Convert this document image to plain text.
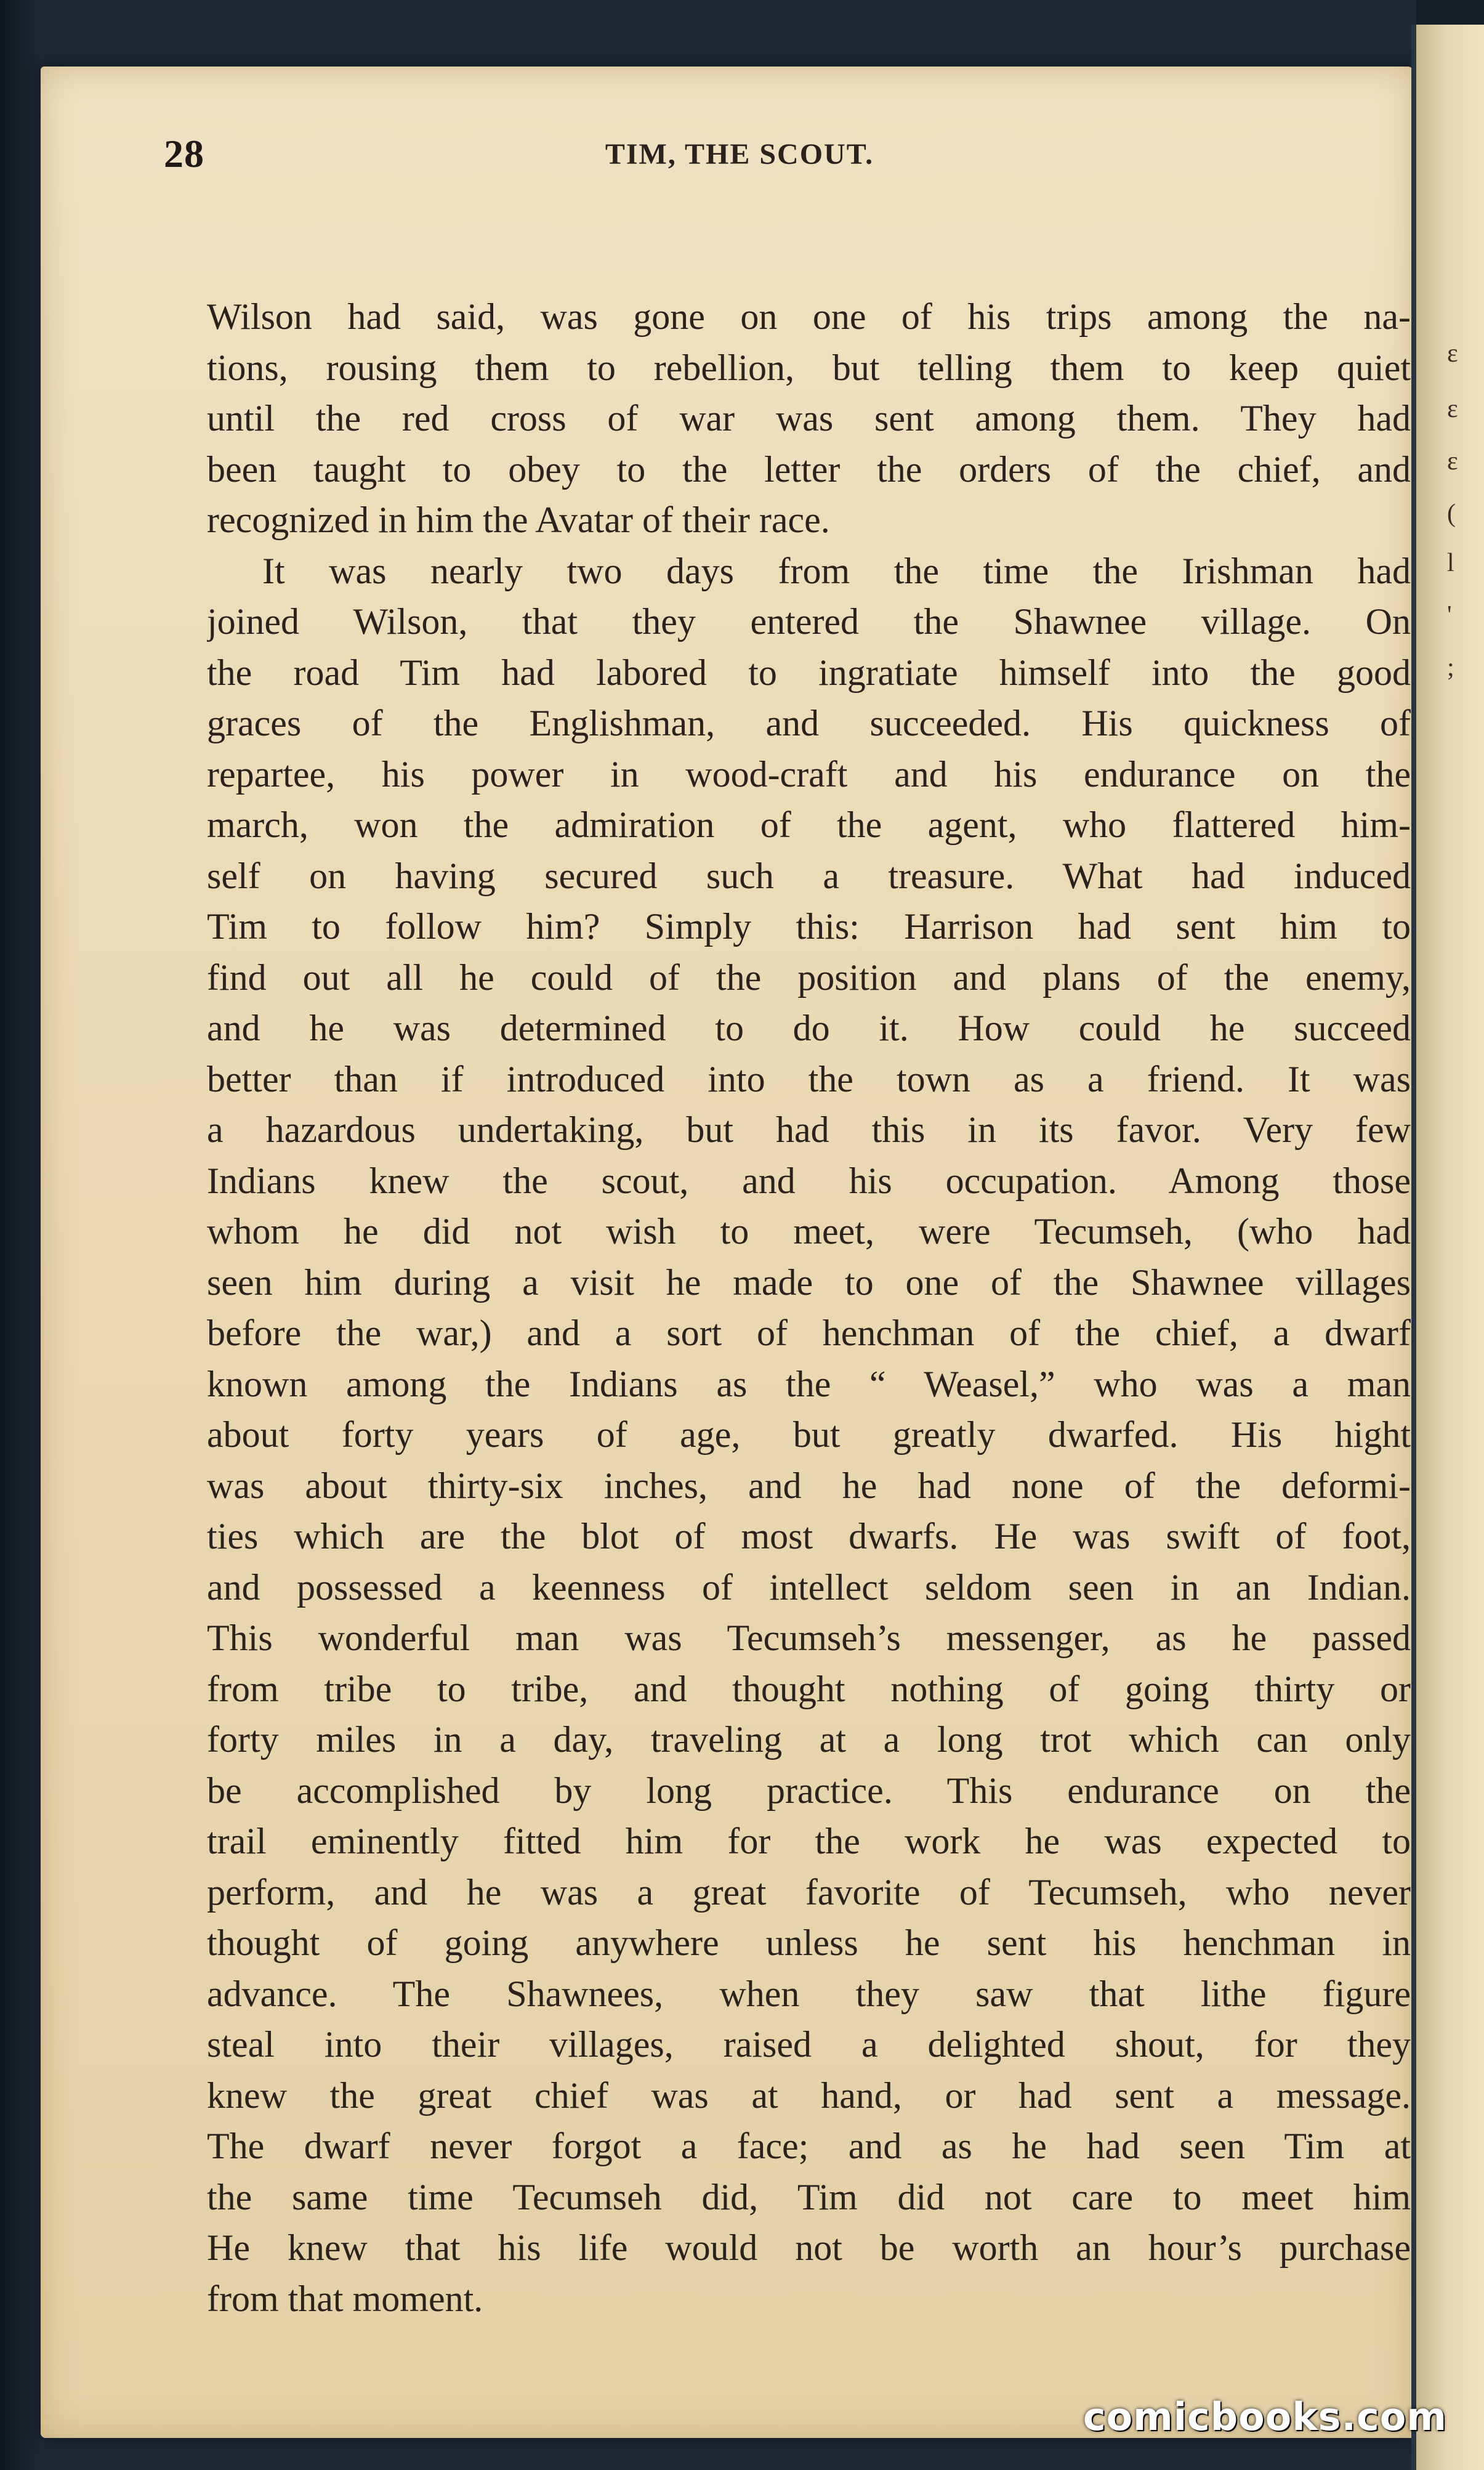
28	TIM, THE SCOUT.
Wilson had said, was gone on one of his trips among the na-
tions, rousing them to rebellion, but telling them to keep quiet
until the red cross of war was sent among them. They had
been taught to obey to the letter the orders of the chief, and
recognized in him the Avatar of their race.
It was nearly two days from the time the Irishman had
joined Wilson, that they entered the Shawnee village. On
the road Tim had labored to ingratiate himself into the good
graces of the Englishman, and succeeded. His quickness of
repartee, his power in wood-craft and his endurance on the
march, won the admiration of the agent, who flattered him-
self on having secured such a treasure. What had induced
Tim to follow him? Simply this: Harrison had sent him to
find out all he could of the position and plans of the enemy,
and he was determined to do it. How could he succeed
better than if introduced into the town as a friend. It was
a hazardous undertaking, but had this in its favor. Very few
Indians knew the scout, and his occupation. Among those
whom he did not wish to meet, were Tecumseh, (who had
seen him during a visit he made to one of the Shawnee villages
before the war,) and a sort of henchman of the chief, a dwarf
known among the Indians as the “ Weasel,” who was a man
about forty years of age, but greatly dwarfed. His hight
was about thirty-six inches, and he had none of the deformi-
ties which are the blot of most dwarfs. He was swift of foot,
and possessed a keenness of intellect seldom seen in an Indian.
This wonderful man was Tecumseh’s messenger, as he passed
from tribe to tribe, and thought nothing of going thirty or
forty miles in a day, traveling at a long trot which can only
be accomplished by long practice. This endurance on the
trail eminently fitted him for the work he was expected to
perform, and he was a great favorite of Tecumseh, who never
thought of going anywhere unless he sent his henchman in
advance. The Shawnees, when they saw that lithe figure
steal into their villages, raised a delighted shout, for they
knew the great chief was at hand, or had sent a message.
The dwarf never forgot a face; and as he had seen Tim at
the same time Tecumseh did, Tim did not care to meet him
He knew that his life would not be worth an hour’s purchase
from that moment.
ε
ε
ε
(
l
'
;
comicbooks.com
